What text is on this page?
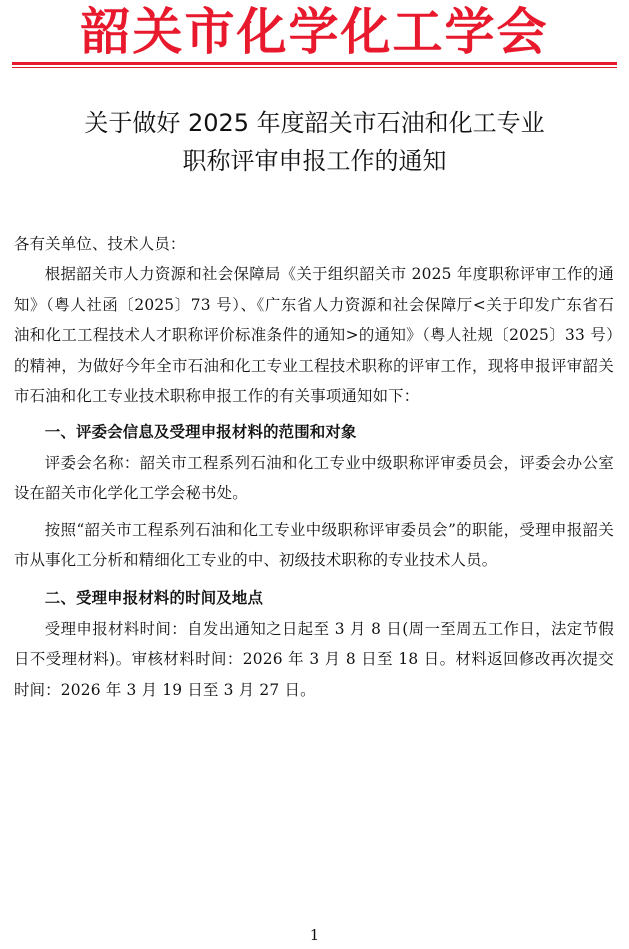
韶关市化学化工学会
关于做好 2025 年度韶关市石油和化工专业
职称评审申报工作的通知

各有关单位、技术人员：

根据韶关市人力资源和社会保障局《关于组织韶关市 2025 年度职称评审工作的通知》（粤人社函〔2025〕73 号）、《广东省人力资源和社会保障厅<关于印发广东省石油和化工工程技术人才职称评价标准条件的通知>的通知》（粤人社规〔2025〕33 号）的精神，为做好今年全市石油和化工专业工程技术职称的评审工作，现将申报评审韶关市石油和化工专业技术职称申报工作的有关事项通知如下：

一、评委会信息及受理申报材料的范围和对象

评委会名称：韶关市工程系列石油和化工专业中级职称评审委员会，评委会办公室设在韶关市化学化工学会秘书处。

按照“韶关市工程系列石油和化工专业中级职称评审委员会”的职能，受理申报韶关市从事化工分析和精细化工专业的中、初级技术职称的专业技术人员。

二、受理申报材料的时间及地点

受理申报材料时间：自发出通知之日起至 3 月 8 日(周一至周五工作日，法定节假日不受理材料)。审核材料时间：2026 年 3 月 8 日至 18 日。材料返回修改再次提交时间：2026 年 3 月 19 日至 3 月 27 日。

1
